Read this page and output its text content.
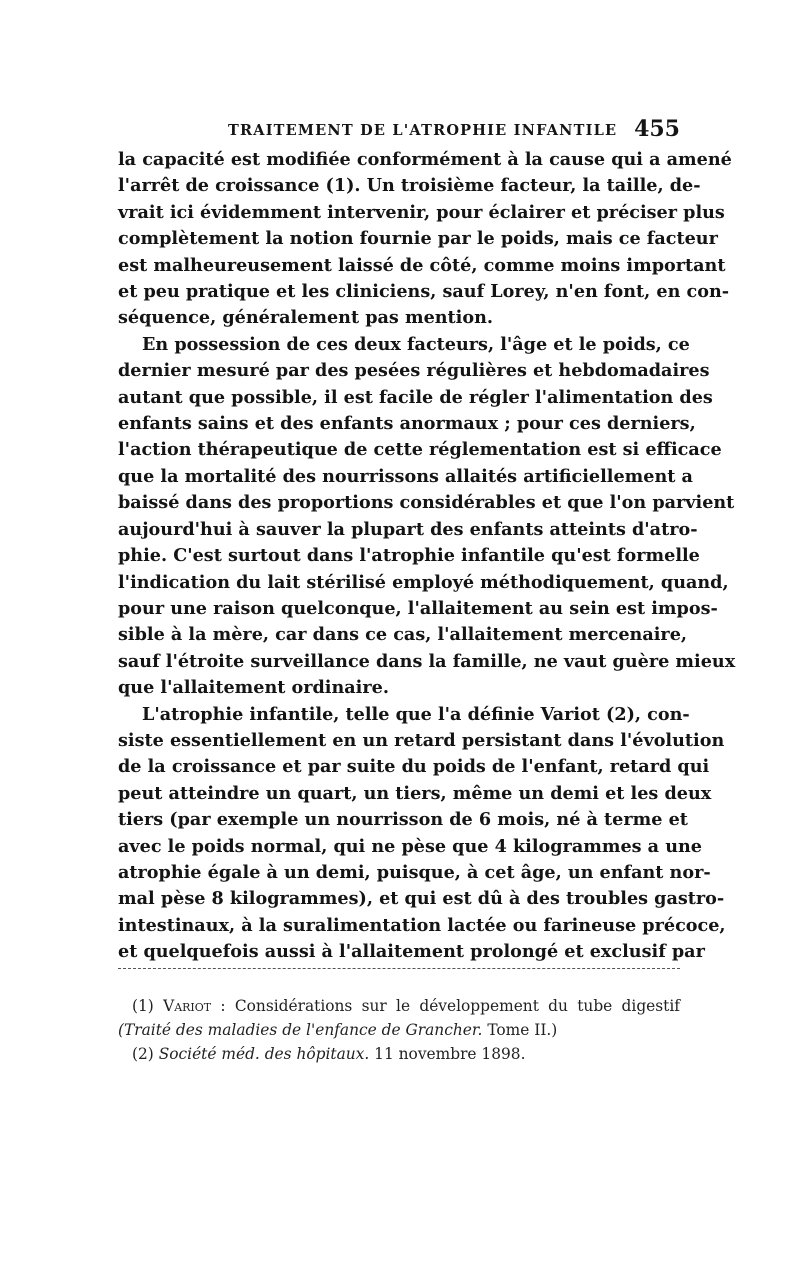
TRAITEMENT DE L'ATROPHIE INFANTILE 455
la capacité est modifiée conformément à la cause qui a amené
l'arrêt de croissance (1). Un troisième facteur, la taille, de-
vrait ici évidemment intervenir, pour éclairer et préciser plus
complètement la notion fournie par le poids, mais ce facteur
est malheureusement laissé de côté, comme moins important
et peu pratique et les cliniciens, sauf Lorey, n'en font, en con-
séquence, généralement pas mention.
En possession de ces deux facteurs, l'âge et le poids, ce
dernier mesuré par des pesées régulières et hebdomadaires
autant que possible, il est facile de régler l'alimentation des
enfants sains et des enfants anormaux ; pour ces derniers,
l'action thérapeutique de cette réglementation est si efficace
que la mortalité des nourrissons allaités artificiellement a
baissé dans des proportions considérables et que l'on parvient
aujourd'hui à sauver la plupart des enfants atteints d'atro-
phie. C'est surtout dans l'atrophie infantile qu'est formelle
l'indication du lait stérilisé employé méthodiquement, quand,
pour une raison quelconque, l'allaitement au sein est impos-
sible à la mère, car dans ce cas, l'allaitement mercenaire,
sauf l'étroite surveillance dans la famille, ne vaut guère mieux
que l'allaitement ordinaire.
L'atrophie infantile, telle que l'a définie Variot (2), con-
siste essentiellement en un retard persistant dans l'évolution
de la croissance et par suite du poids de l'enfant, retard qui
peut atteindre un quart, un tiers, même un demi et les deux
tiers (par exemple un nourrisson de 6 mois, né à terme et
avec le poids normal, qui ne pèse que 4 kilogrammes a une
atrophie égale à un demi, puisque, à cet âge, un enfant nor-
mal pèse 8 kilogrammes), et qui est dû à des troubles gastro-
intestinaux, à la suralimentation lactée ou farineuse précoce,
et quelquefois aussi à l'allaitement prolongé et exclusif par
(1) Variot : Considérations sur le développement du tube digestif
(Traité des maladies de l'enfance de Grancher. Tome II.)
(2) Société méd. des hôpitaux. 11 novembre 1898.
